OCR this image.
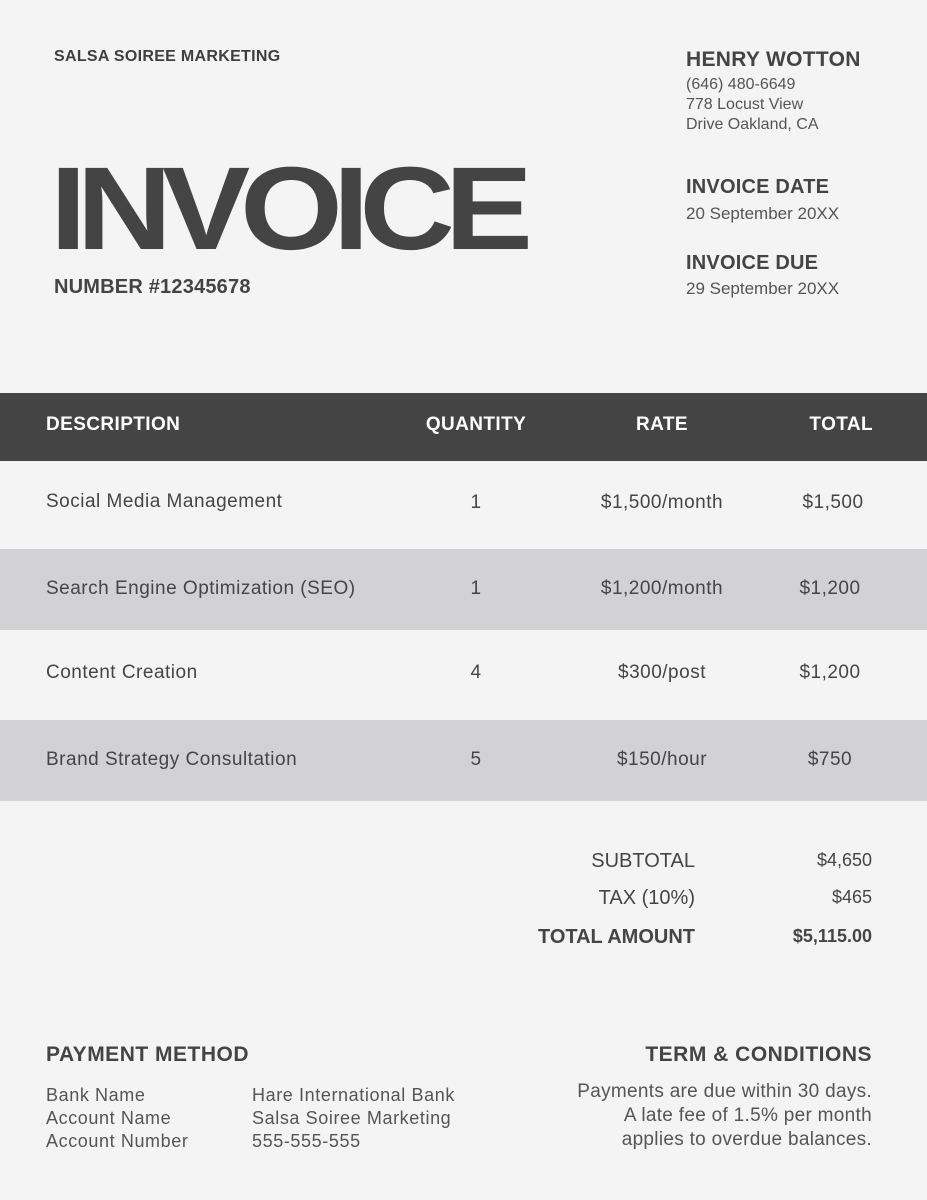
SALSA SOIREE MARKETING
INVOICE
NUMBER #12345678
HENRY WOTTON
(646) 480-6649
778 Locust View
Drive Oakland, CA
INVOICE DATE
20 September 20XX
INVOICE DUE
29 September 20XX
DESCRIPTION	QUANTITY	RATE	TOTAL
Social Media Management	1	$1,500/month	$1,500
Search Engine Optimization (SEO)	1	$1,200/month	$1,200
Content Creation	4	$300/post	$1,200
Brand Strategy Consultation	5	$150/hour	$750
SUBTOTAL	$4,650
TAX (10%)	$465
TOTAL AMOUNT	$5,115.00
PAYMENT METHOD
Bank Name	Hare International Bank
Account Name	Salsa Soiree Marketing
Account Number	555-555-555
TERM & CONDITIONS
Payments are due within 30 days.
A late fee of 1.5% per month
applies to overdue balances.
